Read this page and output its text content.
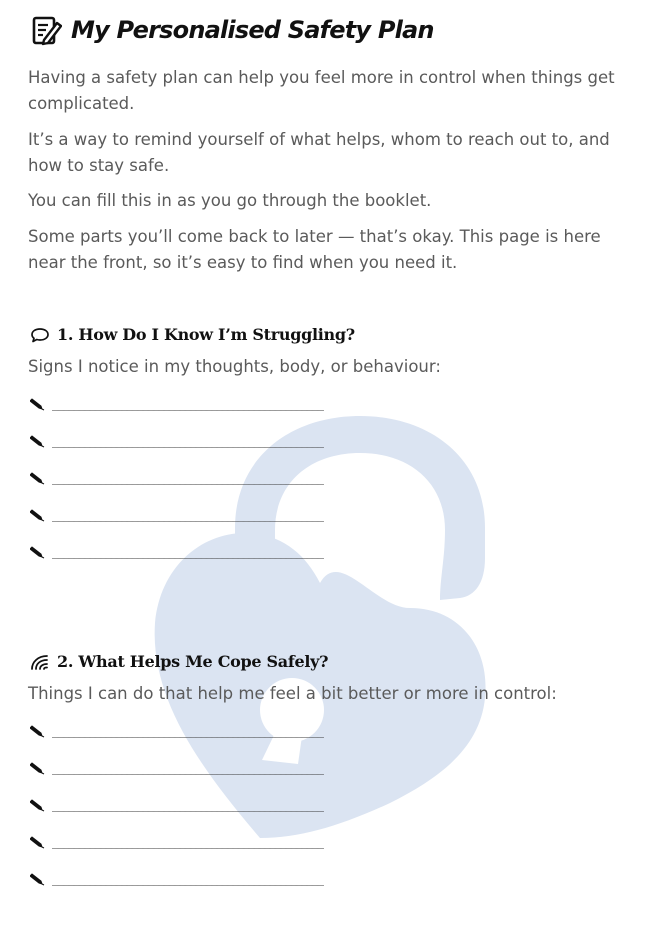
My Personalised Safety Plan

Having a safety plan can help you feel more in control when things get complicated.

It’s a way to remind yourself of what helps, whom to reach out to, and how to stay safe.

You can fill this in as you go through the booklet.

Some parts you’ll come back to later — that’s okay. This page is here near the front, so it’s easy to find when you need it.

1. How Do I Know I’m Struggling?

Signs I notice in my thoughts, body, or behaviour:

___________________________________________________
___________________________________________________
___________________________________________________
___________________________________________________
___________________________________________________
2. What Helps Me Cope Safely?

Things I can do that help me feel a bit better or more in control:

___________________________________________________
___________________________________________________
___________________________________________________
___________________________________________________
___________________________________________________
